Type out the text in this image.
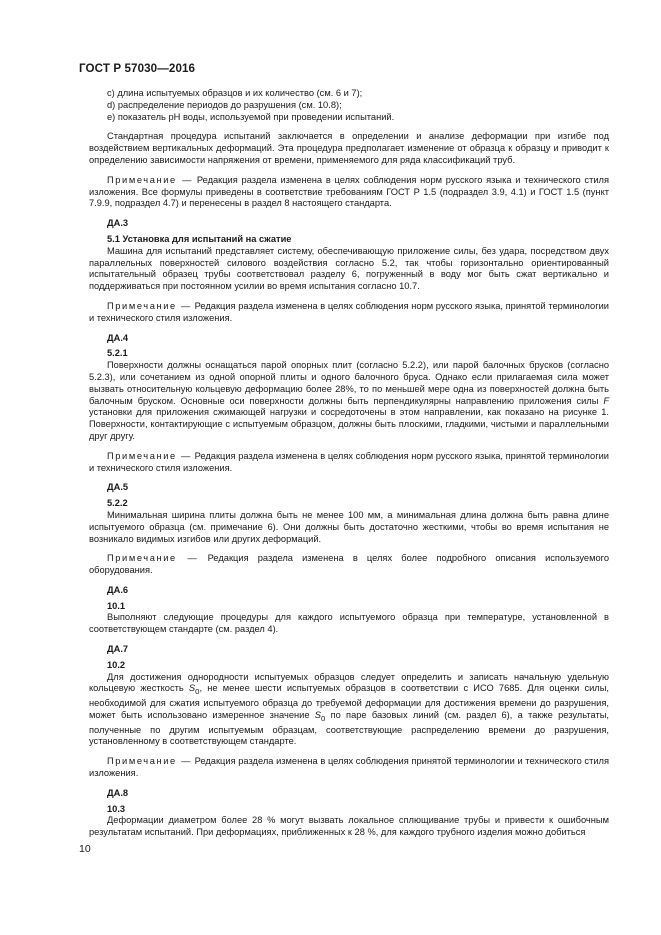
ГОСТ Р 57030—2016
с) длина испытуемых образцов и их количество (см. 6 и 7);
d) распределение периодов до разрушения (см. 10.8);
е) показатель pH воды, используемой при проведении испытаний.

Стандартная процедура испытаний заключается в определении и анализе деформации при изгибе под воздействием вертикальных деформаций. Эта процедура предполагает изменение от образца к образцу и приводит к определению зависимости напряжения от времени, применяемого для ряда классификаций труб.

Примечание — Редакция раздела изменена в целях соблюдения норм русского языка и технического стиля изложения. Все формулы приведены в соответствие требованиям ГОСТ Р 1.5 (подраздел 3.9, 4.1) и ГОСТ 1.5 (пункт 7.9.9, подраздел 4.7) и перенесены в раздел 8 настоящего стандарта.

ДА.3
5.1 Установка для испытаний на сжатие

Машина для испытаний представляет систему, обеспечивающую приложение силы, без удара, посредством двух параллельных поверхностей силового воздействия согласно 5.2, так чтобы горизонтально ориентированный испытательный образец трубы соответствовал разделу 6, погруженный в воду мог быть сжат вертикально и поддерживаться при постоянном усилии во время испытания согласно 10.7.

Примечание — Редакция раздела изменена в целях соблюдения норм русского языка, принятой терминологии и технического стиля изложения.

ДА.4
5.2.1

Поверхности должны оснащаться парой опорных плит (согласно 5.2.2), или парой балочных брусков (согласно 5.2.3), или сочетанием из одной опорной плиты и одного балочного бруса. Однако если прилагаемая сила может вызвать относительную кольцевую деформацию более 28%, то по меньшей мере одна из поверхностей должна быть балочным бруском. Основные оси поверхности должны быть перпендикулярны направлению приложения силы F установки для приложения сжимающей нагрузки и сосредоточены в этом направлении, как показано на рисунке 1. Поверхности, контактирующие с испытуемым образцом, должны быть плоскими, гладкими, чистыми и параллельными друг другу.

Примечание — Редакция раздела изменена в целях соблюдения норм русского языка, принятой терминологии и технического стиля изложения.

ДА.5
5.2.2

Минимальная ширина плиты должна быть не менее 100 мм, а минимальная длина должна быть равна длине испытуемого образца (см. примечание 6). Они должны быть достаточно жесткими, чтобы во время испытания не возникало видимых изгибов или других деформаций.

Примечание — Редакция раздела изменена в целях более подробного описания используемого оборудования.

ДА.6
10.1

Выполняют следующие процедуры для каждого испытуемого образца при температуре, установленной в соответствующем стандарте (см. раздел 4).

ДА.7
10.2

Для достижения однородности испытуемых образцов следует определить и записать начальную удельную кольцевую жесткость $S_0$, не менее шести испытуемых образцов в соответствии с ИСО 7685. Для оценки силы, необходимой для сжатия испытуемого образца до требуемой деформации для достижения времени до разрушения, может быть использовано измеренное значение $S_0$ по паре базовых линий (см. раздел 6), а также результаты, полученные по другим испытуемым образцам, соответствующие распределению времени до разрушения, установленному в соответствующем стандарте.

Примечание — Редакция раздела изменена в целях соблюдения принятой терминологии и технического стиля изложения.

ДА.8
10.3

Деформации диаметром более 28 % могут вызвать локальное сплющивание трубы и привести к ошибочным результатам испытаний. При деформациях, приближенных к 28 %, для каждого трубного изделия можно добиться

10
